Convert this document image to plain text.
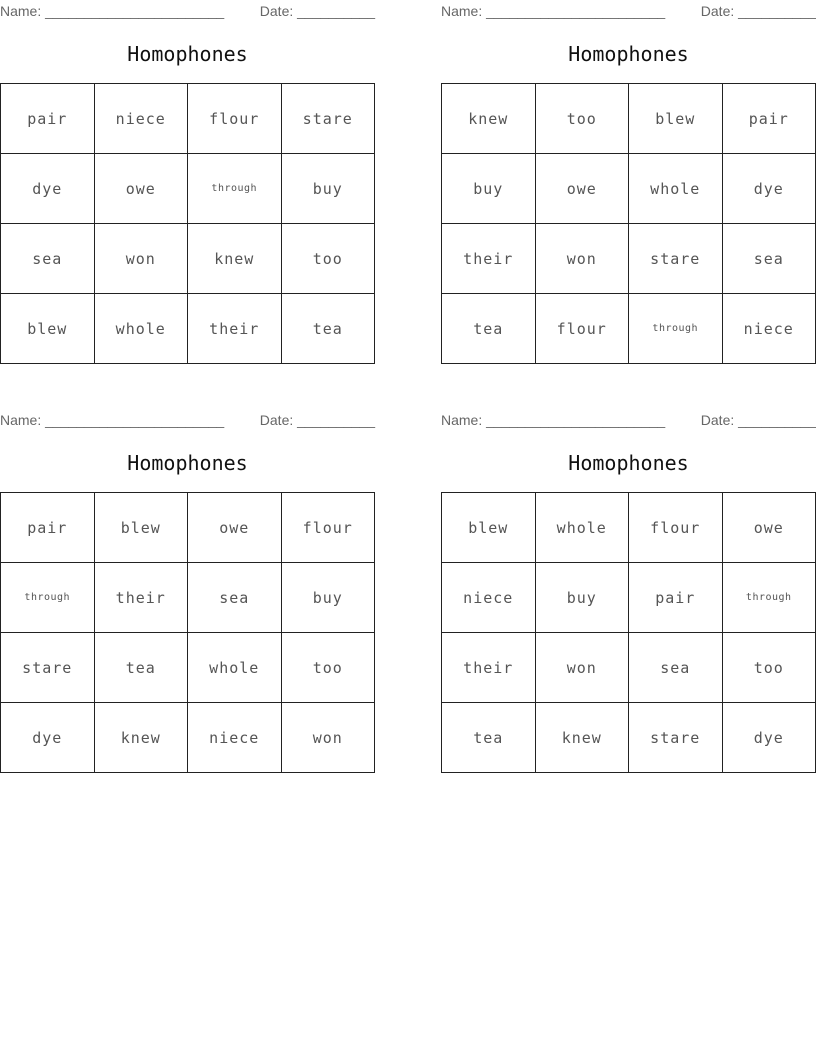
Name: _______________________	Date: __________
Homophones
pair	niece	flour	stare
dye	owe	through	buy
sea	won	knew	too
blew	whole	their	tea
Name: _______________________	Date: __________
Homophones
knew	too	blew	pair
buy	owe	whole	dye
their	won	stare	sea
tea	flour	through	niece
Name: _______________________	Date: __________
Homophones
pair	blew	owe	flour
through	their	sea	buy
stare	tea	whole	too
dye	knew	niece	won
Name: _______________________	Date: __________
Homophones
blew	whole	flour	owe
niece	buy	pair	through
their	won	sea	too
tea	knew	stare	dye
